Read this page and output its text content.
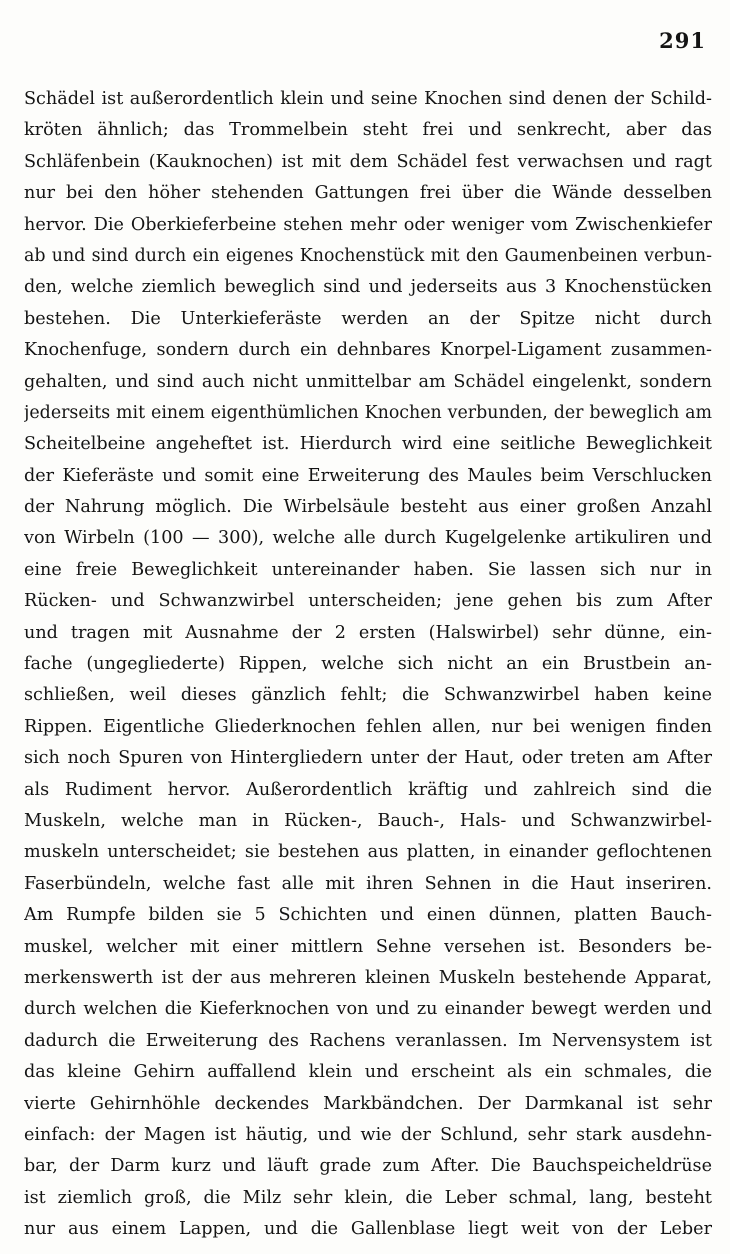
291
Schädel ist außerordentlich klein und seine Knochen sind denen der Schild-
kröten ähnlich; das Trommelbein steht frei und senkrecht, aber das
Schläfenbein (Kauknochen) ist mit dem Schädel fest verwachsen und ragt
nur bei den höher stehenden Gattungen frei über die Wände desselben
hervor. Die Oberkieferbeine stehen mehr oder weniger vom Zwischenkiefer
ab und sind durch ein eigenes Knochenstück mit den Gaumenbeinen verbun-
den, welche ziemlich beweglich sind und jederseits aus 3 Knochenstücken
bestehen. Die Unterkieferäste werden an der Spitze nicht durch
Knochenfuge, sondern durch ein dehnbares Knorpel-Ligament zusammen-
gehalten, und sind auch nicht unmittelbar am Schädel eingelenkt, sondern
jederseits mit einem eigenthümlichen Knochen verbunden, der beweglich am
Scheitelbeine angeheftet ist. Hierdurch wird eine seitliche Beweglichkeit
der Kieferäste und somit eine Erweiterung des Maules beim Verschlucken
der Nahrung möglich. Die Wirbelsäule besteht aus einer großen Anzahl
von Wirbeln (100 — 300), welche alle durch Kugelgelenke artikuliren und
eine freie Beweglichkeit untereinander haben. Sie lassen sich nur in
Rücken- und Schwanzwirbel unterscheiden; jene gehen bis zum After
und tragen mit Ausnahme der 2 ersten (Halswirbel) sehr dünne, ein-
fache (ungegliederte) Rippen, welche sich nicht an ein Brustbein an-
schließen, weil dieses gänzlich fehlt; die Schwanzwirbel haben keine
Rippen. Eigentliche Gliederknochen fehlen allen, nur bei wenigen finden
sich noch Spuren von Hintergliedern unter der Haut, oder treten am After
als Rudiment hervor. Außerordentlich kräftig und zahlreich sind die
Muskeln, welche man in Rücken-, Bauch-, Hals- und Schwanzwirbel-
muskeln unterscheidet; sie bestehen aus platten, in einander geflochtenen
Faserbündeln, welche fast alle mit ihren Sehnen in die Haut inseriren.
Am Rumpfe bilden sie 5 Schichten und einen dünnen, platten Bauch-
muskel, welcher mit einer mittlern Sehne versehen ist. Besonders be-
merkenswerth ist der aus mehreren kleinen Muskeln bestehende Apparat,
durch welchen die Kieferknochen von und zu einander bewegt werden und
dadurch die Erweiterung des Rachens veranlassen. Im Nervensystem ist
das kleine Gehirn auffallend klein und erscheint als ein schmales, die
vierte Gehirnhöhle deckendes Markbändchen. Der Darmkanal ist sehr
einfach: der Magen ist häutig, und wie der Schlund, sehr stark ausdehn-
bar, der Darm kurz und läuft grade zum After. Die Bauchspeicheldrüse
ist ziemlich groß, die Milz sehr klein, die Leber schmal, lang, besteht
nur aus einem Lappen, und die Gallenblase liegt weit von der Leber
